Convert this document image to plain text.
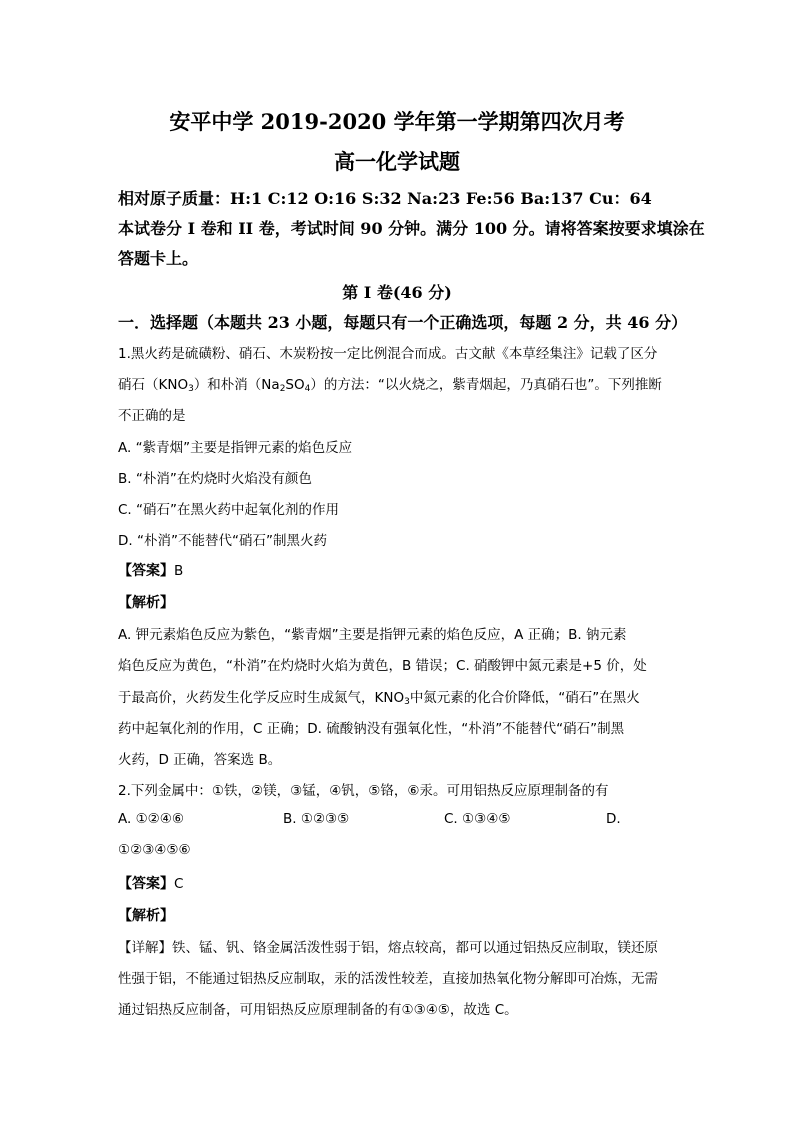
安平中学 2019-2020 学年第一学期第四次月考
高一化学试题
相对原子质量：H:1 C:12 O:16 S:32 Na:23 Fe:56 Ba:137 Cu：64
本试卷分 I 卷和 II 卷，考试时间 90 分钟。满分 100 分。请将答案按要求填涂在
答题卡上。
第 I 卷(46 分)
一．选择题（本题共 23 小题，每题只有一个正确选项，每题 2 分，共 46 分）
1.黑火药是硫磺粉、硝石、木炭粉按一定比例混合而成。古文献《本草经集注》记载了区分
硝石$(KNO_3)$和朴消$(Na_2SO_4)$的方法：“以火烧之，紫青烟起，乃真硝石也”。下列推断
不正确的是
A. “紫青烟”主要是指钾元素的焰色反应
B. “朴消”在灼烧时火焰没有颜色
C. “硝石”在黑火药中起氧化剂的作用
D. “朴消”不能替代“硝石”制黑火药
【答案】B
【解析】
A. 钾元素焰色反应为紫色，“紫青烟”主要是指钾元素的焰色反应，A 正确；B. 钠元素
焰色反应为黄色，“朴消”在灼烧时火焰为黄色，B 错误；C. 硝酸钾中氮元素是+5 价，处
于最高价，火药发生化学反应时生成氮气，$KNO_3$中氮元素的化合价降低，“硝石”在黑火
药中起氧化剂的作用，C 正确；D. 硫酸钠没有强氧化性，“朴消”不能替代“硝石”制黑
火药，D 正确，答案选 B。
2.下列金属中：①铁，②镁，③锰，④钒，⑤铬，⑥汞。可用铝热反应原理制备的有
A. ①②④⑥	B. ①②③⑤	C. ①③④⑤	D.
①②③④⑤⑥
【答案】C
【解析】
【详解】铁、锰、钒、铬金属活泼性弱于铝，熔点较高，都可以通过铝热反应制取，镁还原
性强于铝，不能通过铝热反应制取，汞的活泼性较差，直接加热氧化物分解即可冶炼，无需
通过铝热反应制备，可用铝热反应原理制备的有①③④⑤，故选 C。
